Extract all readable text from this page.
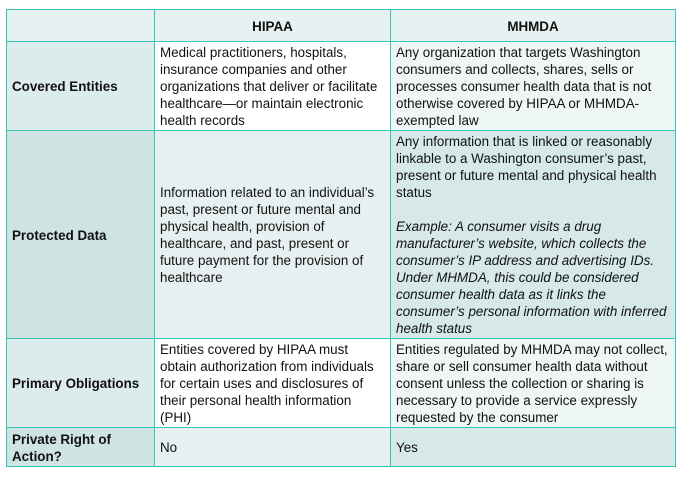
	HIPAA	MHMDA
Covered Entities	Medical practitioners, hospitals, insurance companies and other organizations that deliver or facilitate healthcare—or maintain electronic health records	Any organization that targets Washington consumers and collects, shares, sells or processes consumer health data that is not otherwise covered by HIPAA or MHMDA-exempted law
Protected Data	Information related to an individual’s past, present or future mental and physical health, provision of healthcare, and past, present or future payment for the provision of healthcare	Any information that is linked or reasonably linkable to a Washington consumer’s past, present or future mental and physical health status
Example: A consumer visits a drug manufacturer’s website, which collects the consumer’s IP address and advertising IDs. Under MHMDA, this could be considered consumer health data as it links the consumer’s personal information with inferred health status

Primary Obligations	Entities covered by HIPAA must obtain authorization from individuals for certain uses and disclosures of their personal health information (PHI)	Entities regulated by MHMDA may not collect, share or sell consumer health data without consent unless the collection or sharing is necessary to provide a service expressly requested by the consumer
Private Right of Action?	No	Yes
